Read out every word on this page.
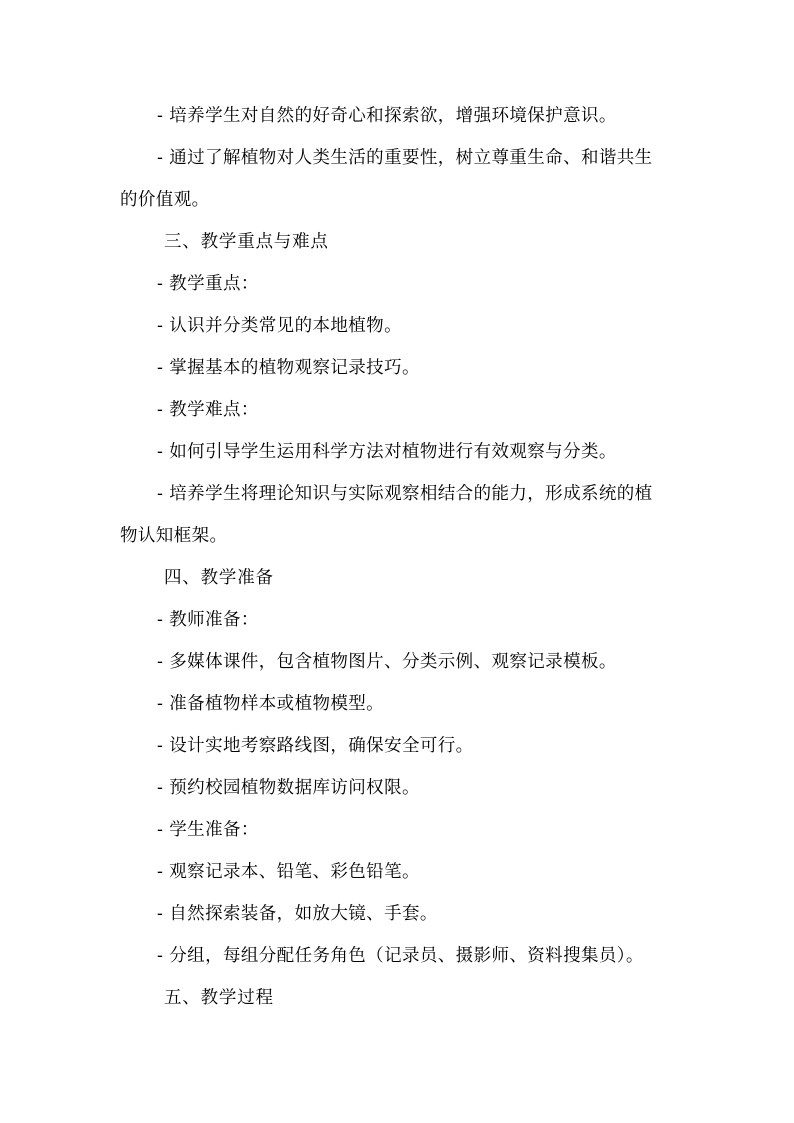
- 培养学生对自然的好奇心和探索欲，增强环境保护意识。
- 通过了解植物对人类生活的重要性，树立尊重生命、和谐共生
的价值观。
三、教学重点与难点
- 教学重点：
- 认识并分类常见的本地植物。
- 掌握基本的植物观察记录技巧。
- 教学难点：
- 如何引导学生运用科学方法对植物进行有效观察与分类。
- 培养学生将理论知识与实际观察相结合的能力，形成系统的植
物认知框架。
四、教学准备
- 教师准备：
- 多媒体课件，包含植物图片、分类示例、观察记录模板。
- 准备植物样本或植物模型。
- 设计实地考察路线图，确保安全可行。
- 预约校园植物数据库访问权限。
- 学生准备：
- 观察记录本、铅笔、彩色铅笔。
- 自然探索装备，如放大镜、手套。
- 分组，每组分配任务角色（记录员、摄影师、资料搜集员）。
五、教学过程
